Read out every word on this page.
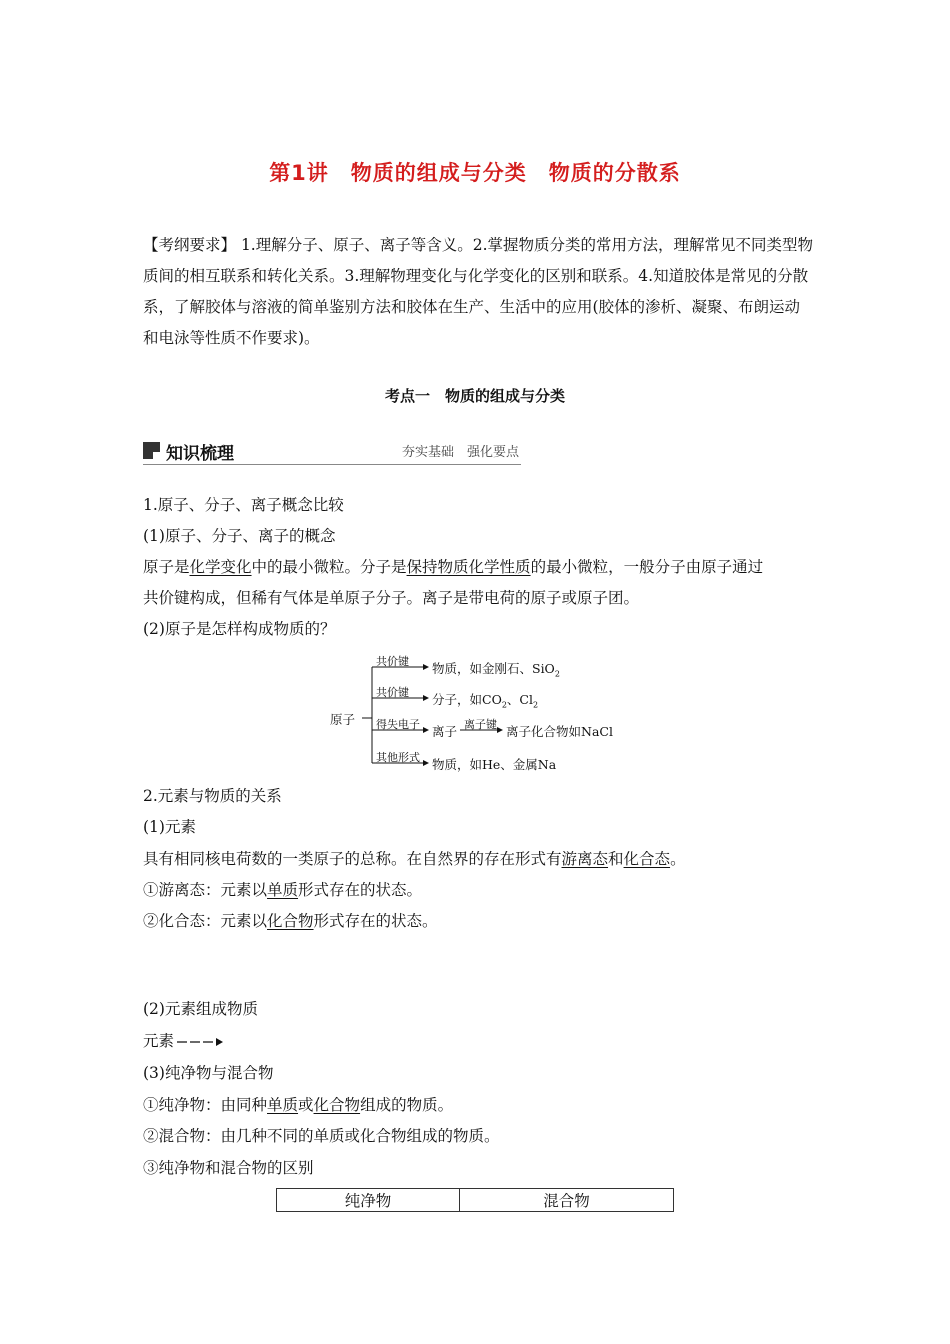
第1讲　物质的组成与分类　物质的分散系
【考纲要求】 1.理解分子、原子、离子等含义。2.掌握物质分类的常用方法，理解常见不同类型物质间的相互联系和转化关系。3.理解物理变化与化学变化的区别和联系。4.知道胶体是常见的分散系，了解胶体与溶液的简单鉴别方法和胶体在生产、生活中的应用(胶体的渗析、凝聚、布朗运动和电泳等性质不作要求)。
考点一　物质的组成与分类
知识梳理	夯实基础　强化要点
1.原子、分子、离子概念比较
(1)原子、分子、离子的概念
原子是化学变化中的最小微粒。分子是保持物质化学性质的最小微粒，一般分子由原子通过
共价键构成，但稀有气体是单原子分子。离子是带电荷的原子或原子团。
(2)原子是怎样构成物质的？
原子
共价键 物质，如金刚石、SiO$_2$
共价键 分子，如$CO_2$、$Cl_2$
得失电子 离子 离子键 离子化合物如NaCl
其他形式 物质，如He、金属Na
2.元素与物质的关系
(1)元素
具有相同核电荷数的一类原子的总称。在自然界的存在形式有游离态和化合态。
①游离态：元素以单质形式存在的状态。
②化合态：元素以化合物形式存在的状态。
(2)元素组成物质
元素
(3)纯净物与混合物
①纯净物：由同种单质或化合物组成的物质。
②混合物：由几种不同的单质或化合物组成的物质。
③纯净物和混合物的区别
纯净物	混合物
